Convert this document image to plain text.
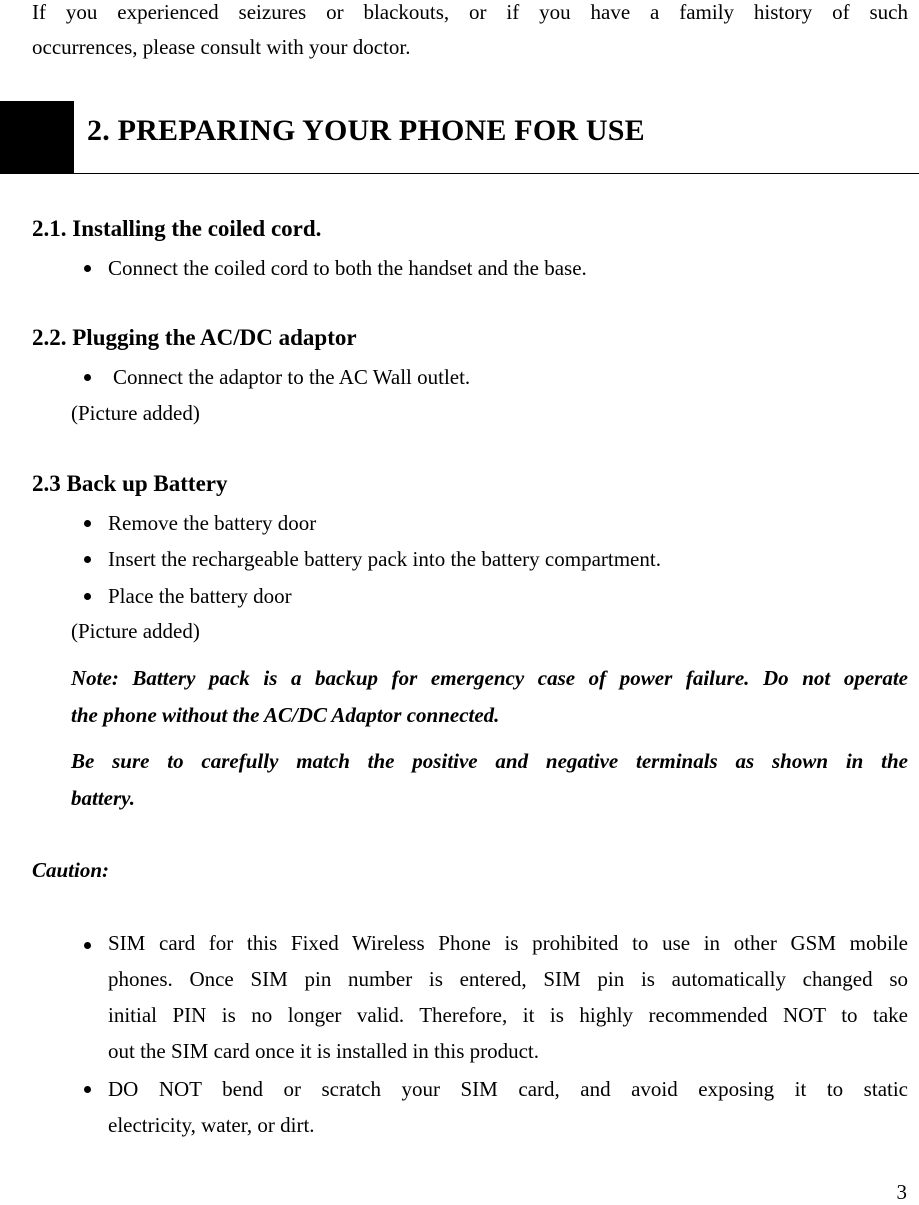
If you experienced seizures or blackouts, or if you have a family history of such
occurrences, please consult with your doctor.
2. PREPARING YOUR PHONE FOR USE
2.1. Installing the coiled cord.
Connect the coiled cord to both the handset and the base.
2.2. Plugging the AC/DC adaptor
Connect the adaptor to the AC Wall outlet.
(Picture added)
2.3 Back up Battery
Remove the battery door
Insert the rechargeable battery pack into the battery compartment.
Place the battery door
(Picture added)
Note: Battery pack is a backup for emergency case of power failure. Do not operate
the phone without the AC/DC Adaptor connected.
Be sure to carefully match the positive and negative terminals as shown in the
battery.
Caution:
SIM card for this Fixed Wireless Phone is prohibited to use in other GSM mobile
phones. Once SIM pin number is entered, SIM pin is automatically changed so
initial PIN is no longer valid. Therefore, it is highly recommended NOT to take
out the SIM card once it is installed in this product.
DO NOT bend or scratch your SIM card, and avoid exposing it to static
electricity, water, or dirt.
3
